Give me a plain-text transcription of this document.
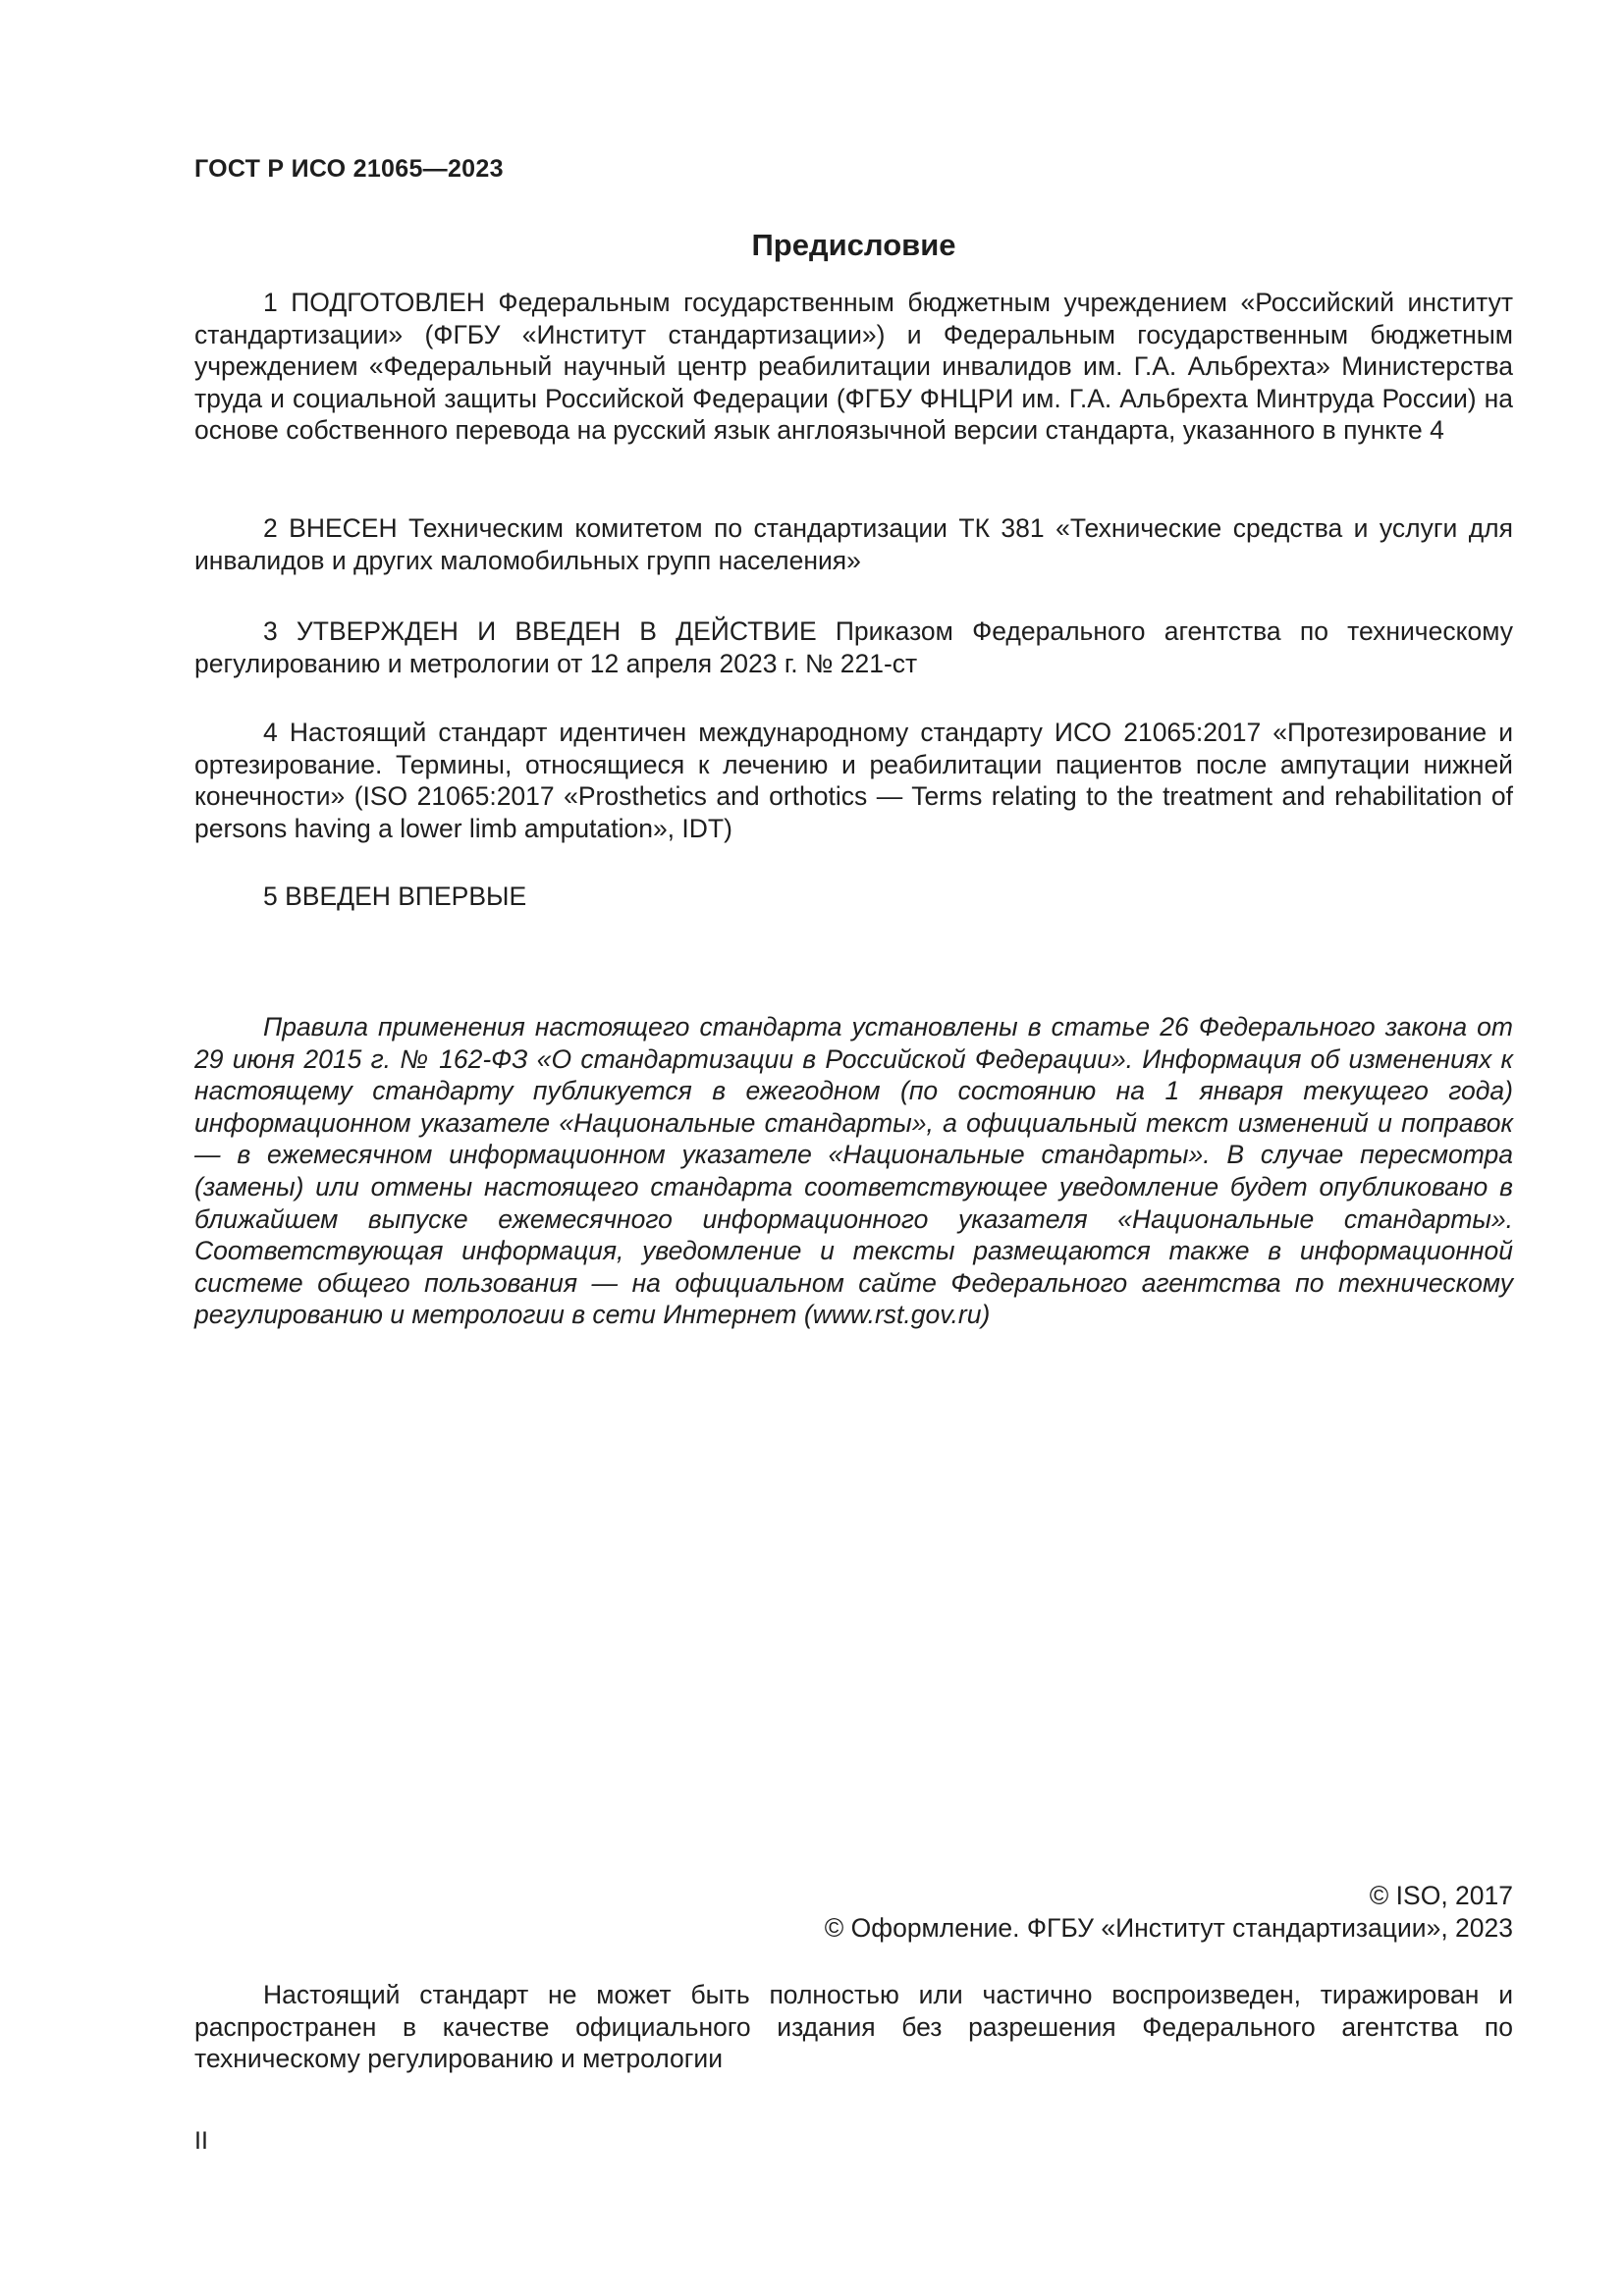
ГОСТ Р ИСО 21065—2023
Предисловие

1 ПОДГОТОВЛЕН Федеральным государственным бюджетным учреждением «Российский институт стандартизации» (ФГБУ «Институт стандартизации») и Федеральным государственным бюджетным учреждением «Федеральный научный центр реабилитации инвалидов им. Г.А. Альбрехта» Министерства труда и социальной защиты Российской Федерации (ФГБУ ФНЦРИ им. Г.А. Альбрехта Минтруда России) на основе собственного перевода на русский язык англоязычной версии стандарта, указанного в пункте 4

2 ВНЕСЕН Техническим комитетом по стандартизации ТК 381 «Технические средства и услуги для инвалидов и других маломобильных групп населения»

3 УТВЕРЖДЕН И ВВЕДЕН В ДЕЙСТВИЕ Приказом Федерального агентства по техническому регулированию и метрологии от 12 апреля 2023 г. № 221-ст

4 Настоящий стандарт идентичен международному стандарту ИСО 21065:2017 «Протезирование и ортезирование. Термины, относящиеся к лечению и реабилитации пациентов после ампутации нижней конечности» (ISO 21065:2017 «Prosthetics and orthotics — Terms relating to the treatment and rehabilitation of persons having a lower limb amputation», IDT)

5 ВВЕДЕН ВПЕРВЫЕ

Правила применения настоящего стандарта установлены в статье 26 Федерального закона от 29 июня 2015 г. № 162-ФЗ «О стандартизации в Российской Федерации». Информация об изменениях к настоящему стандарту публикуется в ежегодном (по состоянию на 1 января текущего года) информационном указателе «Национальные стандарты», а официальный текст изменений и поправок — в ежемесячном информационном указателе «Национальные стандарты». В случае пересмотра (замены) или отмены настоящего стандарта соответствующее уведомление будет опубликовано в ближайшем выпуске ежемесячного информационного указателя «Национальные стандарты». Соответствующая информация, уведомление и тексты размещаются также в информационной системе общего пользования — на официальном сайте Федерального агентства по техническому регулированию и метрологии в сети Интернет (www.rst.gov.ru)

© ISO, 2017
© Оформление. ФГБУ «Институт стандартизации», 2023

Настоящий стандарт не может быть полностью или частично воспроизведен, тиражирован и распространен в качестве официального издания без разрешения Федерального агентства по техническому регулированию и метрологии

II
